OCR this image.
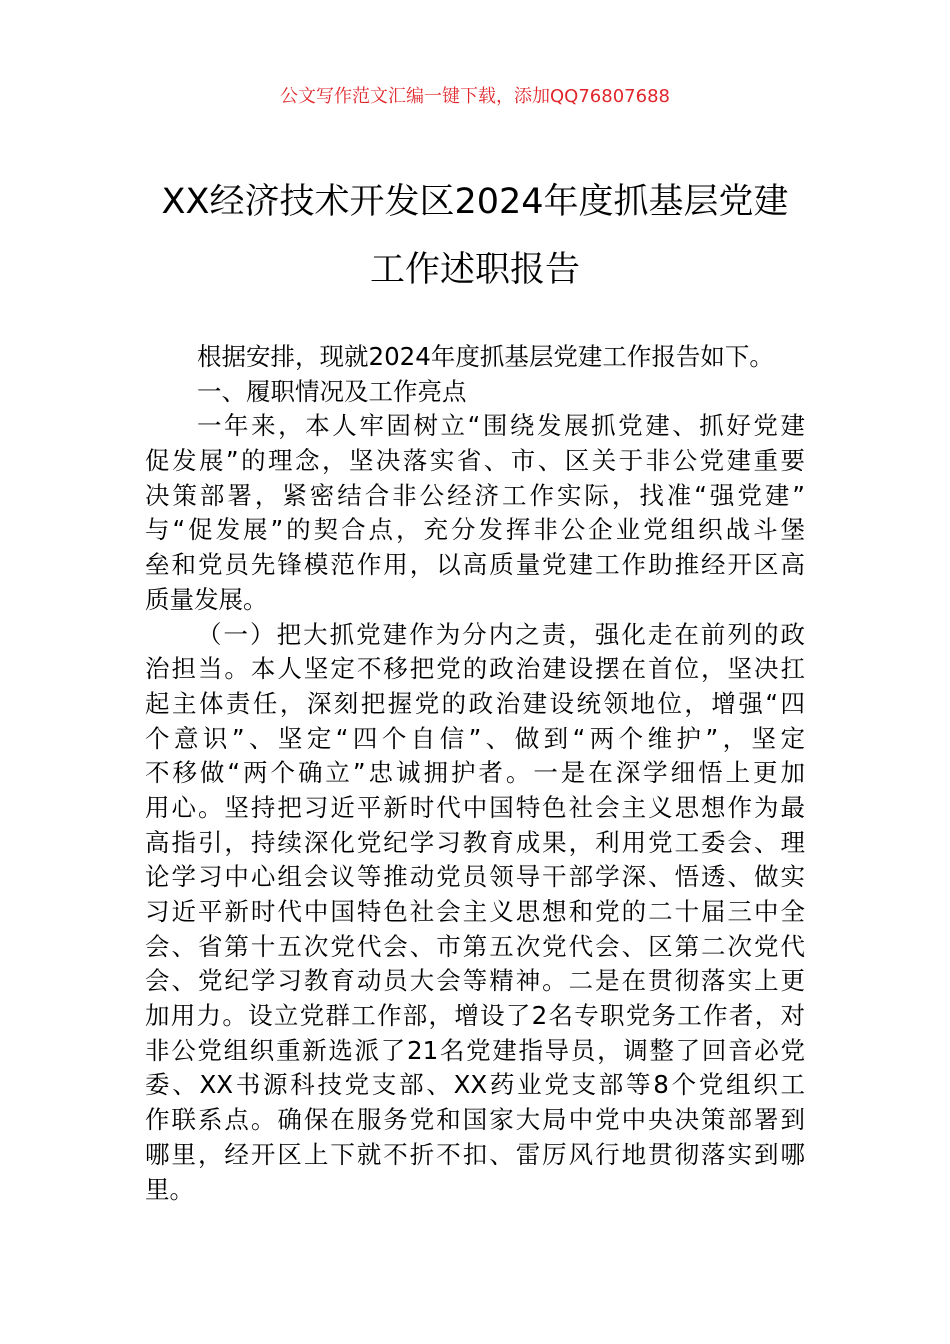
公文写作范文汇编一键下载，添加QQ76807688
XX经济技术开发区2024年度抓基层党建
工作述职报告
根据安排，现就2024年度抓基层党建工作报告如下。
一、履职情况及工作亮点
一年来，本人牢固树立“围绕发展抓党建、抓好党建
促发展”的理念，坚决落实省、市、区关于非公党建重要
决策部署，紧密结合非公经济工作实际，找准“强党建”
与“促发展”的契合点，充分发挥非公企业党组织战斗堡
垒和党员先锋模范作用，以高质量党建工作助推经开区高
质量发展。
（一）把大抓党建作为分内之责，强化走在前列的政
治担当。本人坚定不移把党的政治建设摆在首位，坚决扛
起主体责任，深刻把握党的政治建设统领地位，增强“四
个意识”、坚定“四个自信”、做到“两个维护”，坚定
不移做“两个确立”忠诚拥护者。一是在深学细悟上更加
用心。坚持把习近平新时代中国特色社会主义思想作为最
高指引，持续深化党纪学习教育成果，利用党工委会、理
论学习中心组会议等推动党员领导干部学深、悟透、做实
习近平新时代中国特色社会主义思想和党的二十届三中全
会、省第十五次党代会、市第五次党代会、区第二次党代
会、党纪学习教育动员大会等精神。二是在贯彻落实上更
加用力。设立党群工作部，增设了2名专职党务工作者，对
非公党组织重新选派了21名党建指导员，调整了回音必党
委、XX书源科技党支部、XX药业党支部等8个党组织工
作联系点。确保在服务党和国家大局中党中央决策部署到
哪里，经开区上下就不折不扣、雷厉风行地贯彻落实到哪
里。
